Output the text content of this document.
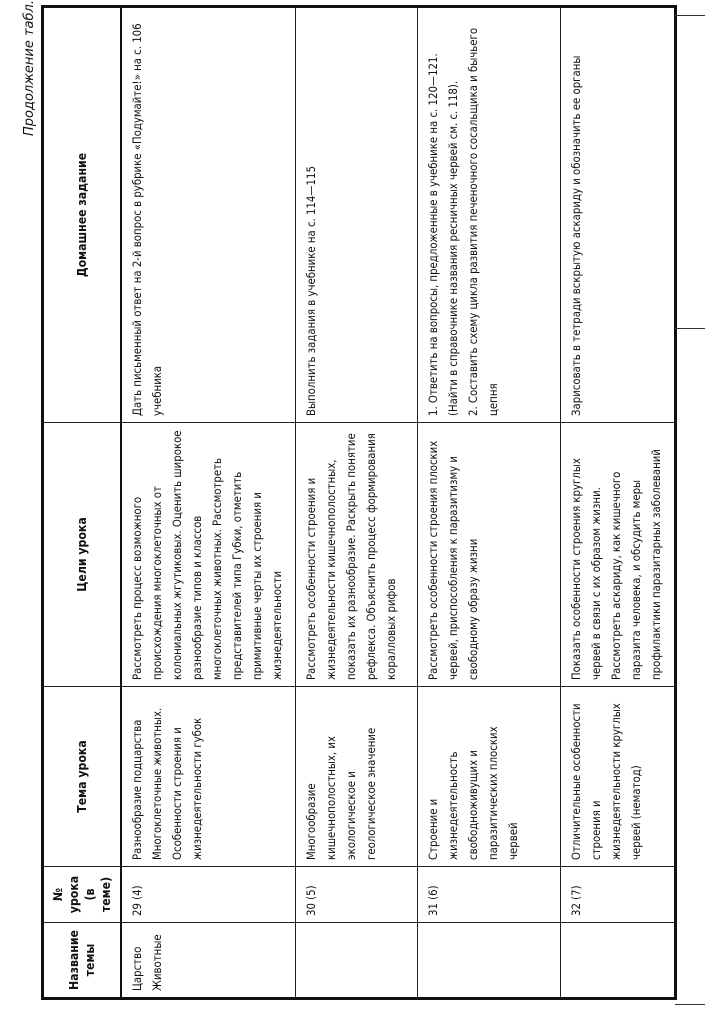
Продолжение табл.
Название темы	№ урока (в теме)	Тема урока	Цели урока	Домашнее задание
Царство Животные	29 (4)	Разнообразие подцарства Многоклеточные животных. Особенности строения и жизнедеятельности губок	Рассмотреть процесс возможного происхождения многоклеточных от колониальных жгутиковых. Оценить широкое разнообразие типов и классов многоклеточных животных. Рассмотреть представителей типа Губки, отметить примитивные черты их строения и жизнедеятельности	Дать письменный ответ на 2-й вопрос в рубрике «Подумайте!» на с. 106 учебника
	30 (5)	Многообразие кишечнополостных, их экологическое и геологическое значение	Рассмотреть особенности строения и жизнедеятельности кишечнополостных, показать их разнообразие. Раскрыть понятие рефлекса. Объяснить процесс формирования коралловых рифов	Выполнить задания в учебнике на с. 114—115
	31 (6)	Строение и жизнедеятельность свободноживущих и паразитических плоских червей	Рассмотреть особенности строения плоских червей, приспособления к паразитизму и свободному образу жизни	1. Ответить на вопросы, предложенные в учебнике на с. 120—121. (Найти в справочнике названия ресничных червей см. с. 118). 2. Составить схему цикла развития печеночного сосальщика и бычьего цепня

	32 (7)	Отличительные особенности строения и жизнедеятельности круглых червей (нематод)	Показать особенности строения круглых червей в связи с их образом жизни. Рассмотреть аскариду, как кишечного паразита человека, и обсудить меры профилактики паразитарных заболеваний	Зарисовать в тетради вскрытую аскариду и обозначить ее органы
